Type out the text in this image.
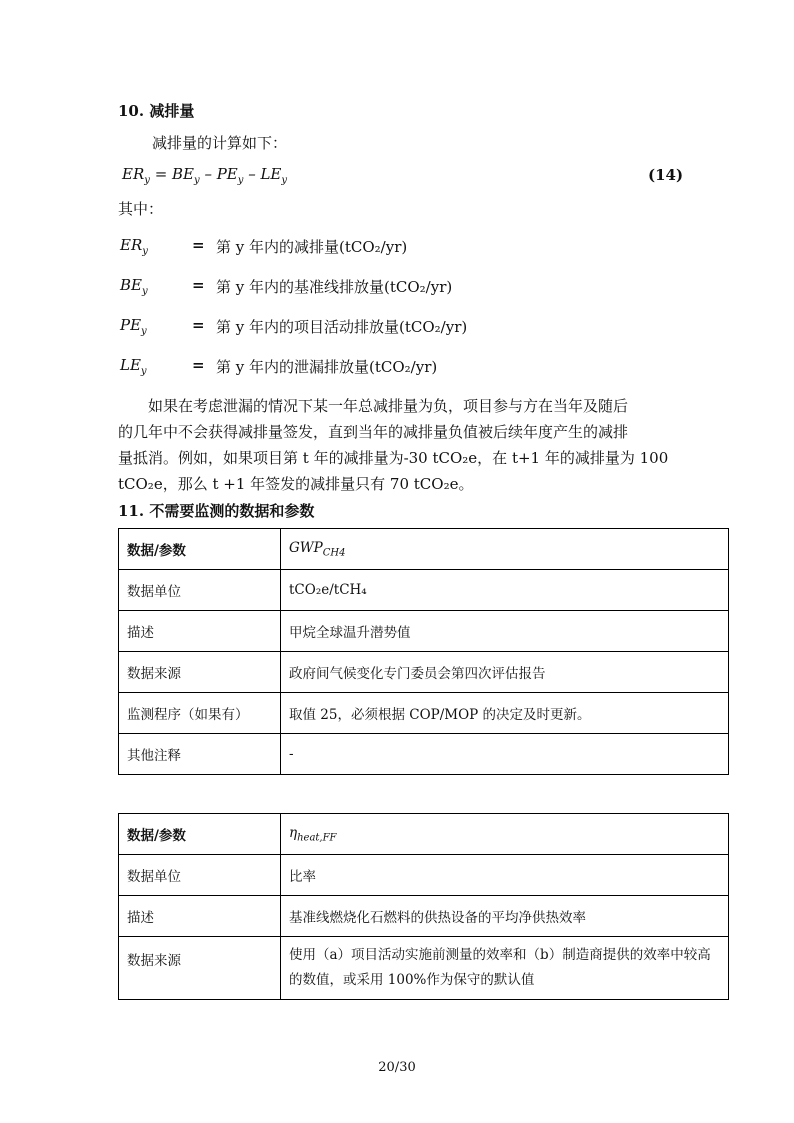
10. 减排量
减排量的计算如下：
$ER_y = BE_y - PE_y - LE_y$	(14)
其中：
$ER_y$	= 第 y 年内的减排量(tCO₂/yr)
$BE_y$	= 第 y 年内的基准线排放量(tCO₂/yr)
$PE_y$	= 第 y 年内的项目活动排放量(tCO₂/yr)
$LE_y$	= 第 y 年内的泄漏排放量(tCO₂/yr)
　　如果在考虑泄漏的情况下某一年总减排量为负，项目参与方在当年及随后
的几年中不会获得减排量签发，直到当年的减排量负值被后续年度产生的减排
量抵消。例如，如果项目第 t 年的减排量为-30 tCO₂e，在 t+1 年的减排量为 100
tCO₂e，那么 t +1 年签发的减排量只有 70 tCO₂e。
11. 不需要监测的数据和参数
数据/参数	$GWP_{CH4}$
数据单位	tCO₂e/tCH₄
描述	甲烷全球温升潜势值
数据来源	政府间气候变化专门委员会第四次评估报告
监测程序（如果有）	取值 25，必须根据 COP/MOP 的决定及时更新。
其他注释	-
数据/参数	$\eta_{heat,FF}$
数据单位	比率
描述	基准线燃烧化石燃料的供热设备的平均净供热效率
数据来源	使用（a）项目活动实施前测量的效率和（b）制造商提供的效率中较高的数值，或采用 100%作为保守的默认值
20/30
